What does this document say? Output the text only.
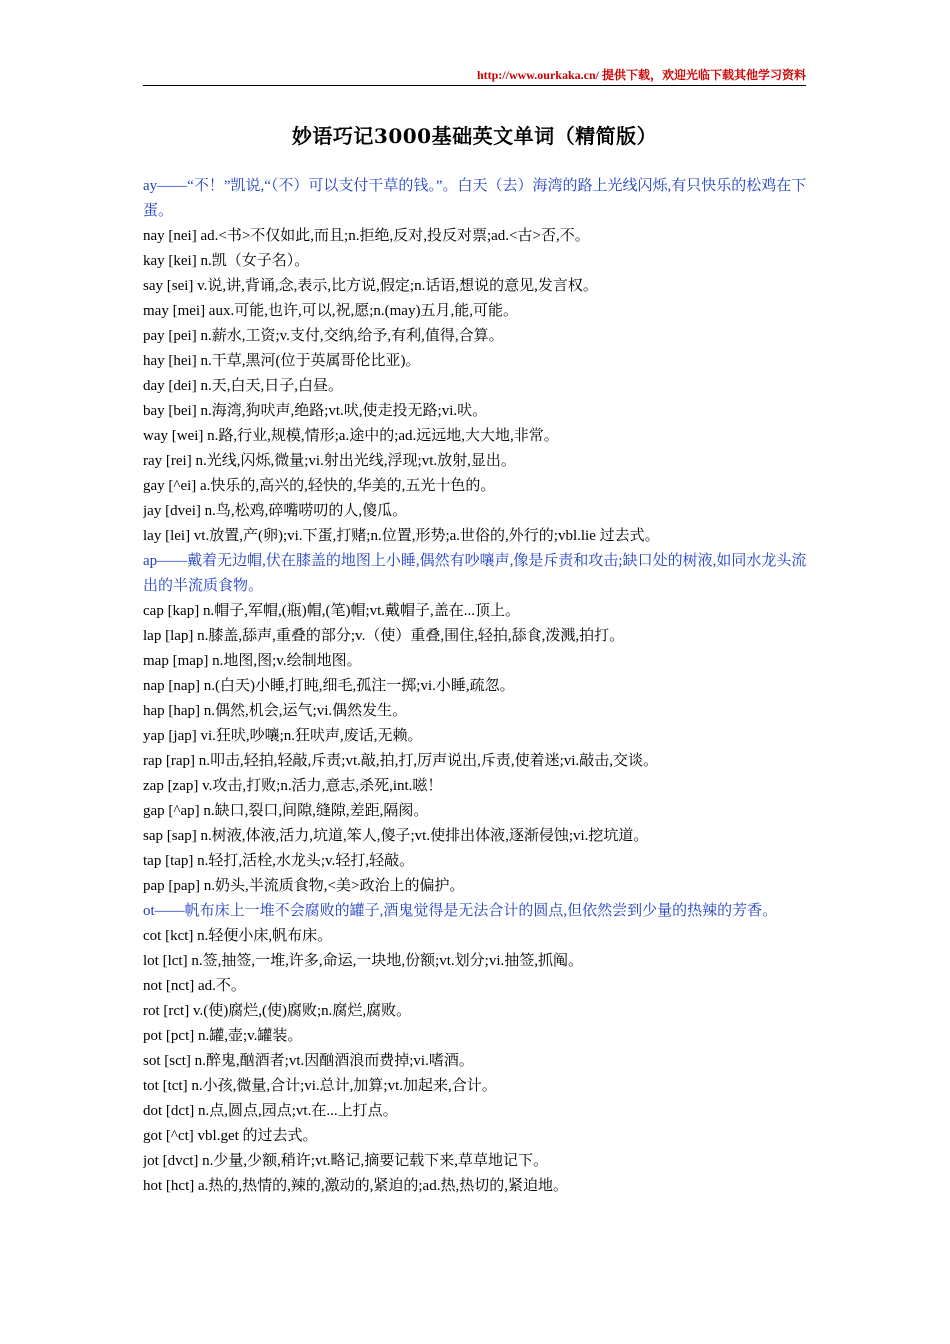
http://www.ourkaka.cn/ 提供下载，欢迎光临下载其他学习资料
妙语巧记3000基础英文单词（精简版）

ay——“不！”凯说,“（不）可以支付干草的钱。”。白天（去）海湾的路上光线闪烁,有只快乐的松鸡在下蛋。

nay [nei] ad.<书>不仅如此,而且;n.拒绝,反对,投反对票;ad.<古>否,不。

kay [kei] n.凯（女子名）。

say [sei] v.说,讲,背诵,念,表示,比方说,假定;n.话语,想说的意见,发言权。

may [mei] aux.可能,也许,可以,祝,愿;n.(may)五月,能,可能。

pay [pei] n.薪水,工资;v.支付,交纳,给予,有利,值得,合算。

hay [hei] n.干草,黑河(位于英属哥伦比亚)。

day [dei] n.天,白天,日子,白昼。

bay [bei] n.海湾,狗吠声,绝路;vt.吠,使走投无路;vi.吠。

way [wei] n.路,行业,规模,情形;a.途中的;ad.远远地,大大地,非常。

ray [rei] n.光线,闪烁,微量;vi.射出光线,浮现;vt.放射,显出。

gay [^ei] a.快乐的,高兴的,轻快的,华美的,五光十色的。

jay [dvei] n.鸟,松鸡,碎嘴唠叨的人,傻瓜。

lay [lei] vt.放置,产(卵);vi.下蛋,打赌;n.位置,形势;a.世俗的,外行的;vbl.lie 过去式。

ap——戴着无边帽,伏在膝盖的地图上小睡,偶然有吵嚷声,像是斥责和攻击;缺口处的树液,如同水龙头流出的半流质食物。

cap [kap] n.帽子,军帽,(瓶)帽,(笔)帽;vt.戴帽子,盖在...顶上。

lap [lap] n.膝盖,舔声,重叠的部分;v.（使）重叠,围住,轻拍,舔食,泼溅,拍打。

map [map] n.地图,图;v.绘制地图。

nap [nap] n.(白天)小睡,打盹,细毛,孤注一掷;vi.小睡,疏忽。

hap [hap] n.偶然,机会,运气;vi.偶然发生。

yap [jap] vi.狂吠,吵嚷;n.狂吠声,废话,无赖。

rap [rap] n.叩击,轻拍,轻敲,斥责;vt.敲,拍,打,厉声说出,斥责,使着迷;vi.敲击,交谈。

zap [zap] v.攻击,打败;n.活力,意志,杀死,int.嗞！

gap [^ap] n.缺口,裂口,间隙,缝隙,差距,隔阂。

sap [sap] n.树液,体液,活力,坑道,笨人,傻子;vt.使排出体液,逐渐侵蚀;vi.挖坑道。

tap [tap] n.轻打,活栓,水龙头;v.轻打,轻敲。

pap [pap] n.奶头,半流质食物,<美>政治上的偏护。

ot——帆布床上一堆不会腐败的罐子,酒鬼觉得是无法合计的圆点,但依然尝到少量的热辣的芳香。

cot [kct] n.轻便小床,帆布床。

lot [lct] n.签,抽签,一堆,许多,命运,一块地,份额;vt.划分;vi.抽签,抓阄。

not [nct] ad.不。

rot [rct] v.(使)腐烂,(使)腐败;n.腐烂,腐败。

pot [pct] n.罐,壶;v.罐装。

sot [sct] n.醉鬼,酗酒者;vt.因酗酒浪而费掉;vi.嗜酒。

tot [tct] n.小孩,微量,合计;vi.总计,加算;vt.加起来,合计。

dot [dct] n.点,圆点,园点;vt.在...上打点。

got [^ct] vbl.get 的过去式。

jot [dvct] n.少量,少额,稍许;vt.略记,摘要记载下来,草草地记下。

hot [hct] a.热的,热情的,辣的,激动的,紧迫的;ad.热,热切的,紧迫地。
